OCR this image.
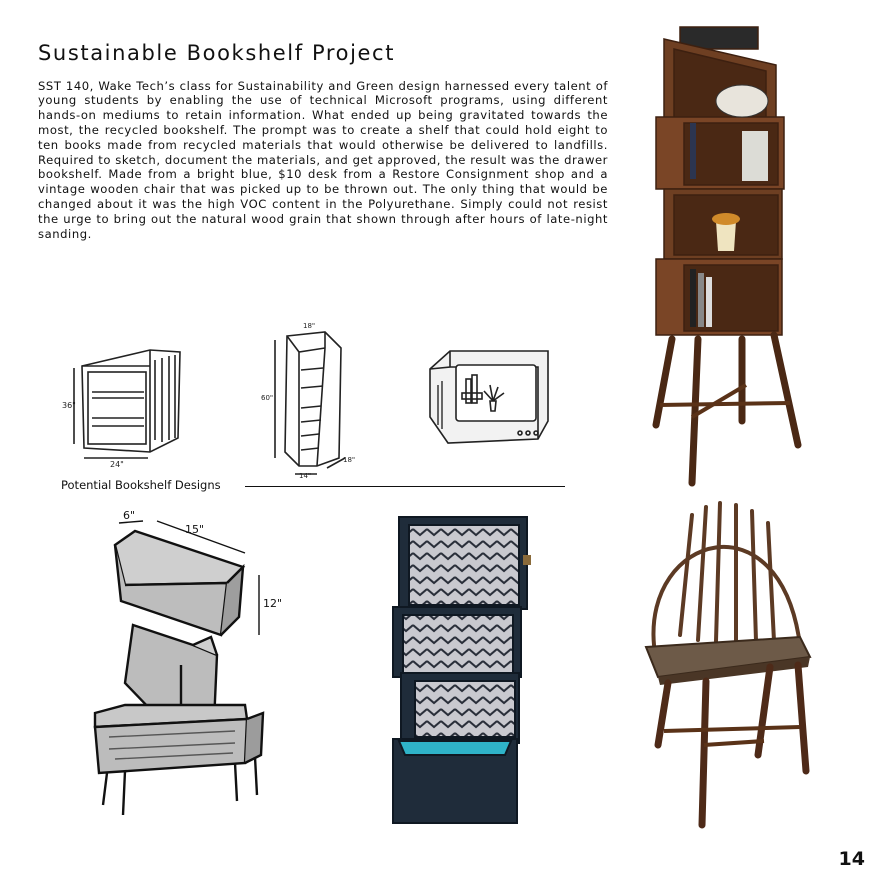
Sustainable Bookshelf Project

SST 140, Wake Tech’s class for Sustainability and Green design harnessed every talent of young students by enabling the use of technical Microsoft programs, using different hands-on mediums to retain information. What ended up being gravitated towards the most, the recycled bookshelf. The prompt was to create a shelf that could hold eight to ten books made from recycled materials that would otherwise be delivered to landfills. Required to sketch, document the materials, and get approved, the result was the drawer bookshelf. Made from a bright blue, $10 desk from a Restore Consignment shop and a vintage wooden chair that was picked up to be thrown out. The only thing that would be changed about it was the high VOC content in the Polyurethane. Simply could not resist the urge to bring out the natural wood grain that shown through after hours of late-night sanding.

36"
24"
18"
60"
14"
18"

Potential Bookshelf Designs

6"
15"
12"
14
